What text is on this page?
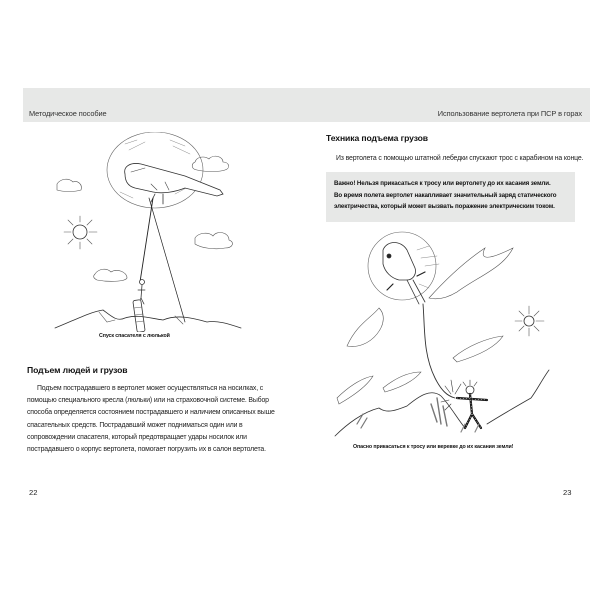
Методическое пособие	Использование вертолета при ПСР в горах
Спуск спасателя с люлькой
Подъем людей и грузов

Подъем пострадавшего в вертолет может осуществляться на носилках, с помощью специального кресла (люльки) или на страховочной системе. Выбор способа определяется состоянием пострадавшего и наличием описанных выше спасательных средств. Пострадавший может подниматься один или в сопровождении спасателя, который предотвращает удары носилок или пострадавшего о корпус вертолета, помогает погрузить их в салон вертолета.

22
Техника подъема грузов
Из вертолета с помощью штатной лебедки спускают трос с карабином на конце.

Важно! Нельзя прикасаться к тросу или вертолету до их касания земли.

Во время полета вертолет накапливает значительный заряд статического

электричества, который может вызвать поражение электрическим током.

Опасно прикасаться к тросу или веревке до их касания земли!
23
